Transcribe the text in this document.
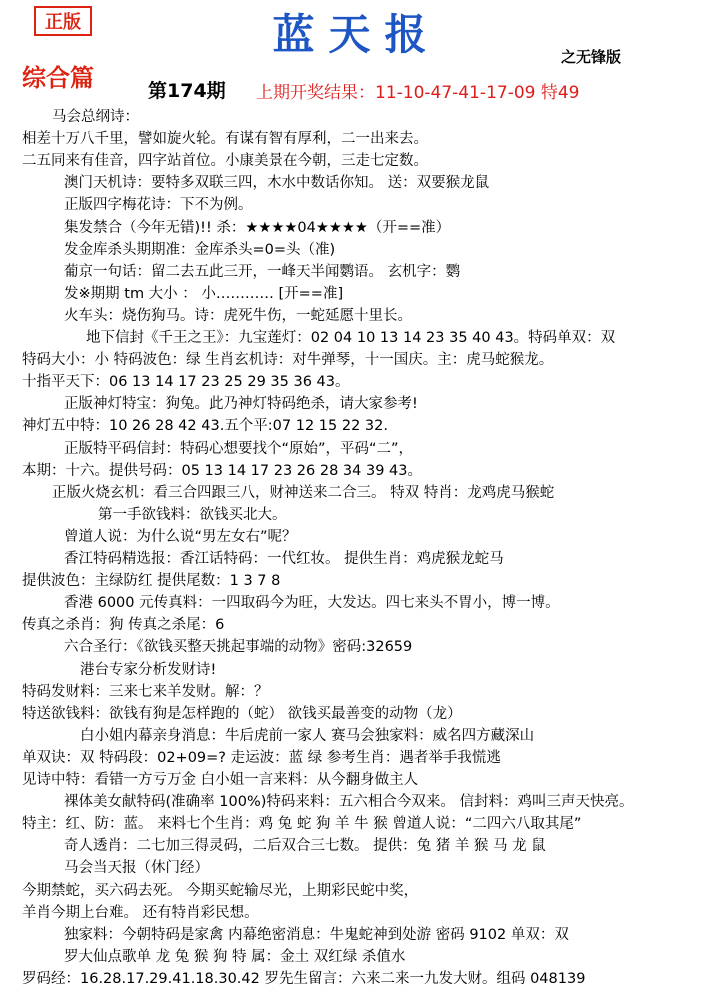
正版	蓝天报	之无锋版
综合篇	第174期 上期开奖结果：11-10-47-41-17-09 特49
马会总纲诗：
相差十万八千里，譬如旋火轮。有谋有智有厚利，二一出来去。
二五同来有佳音，四字站首位。小康美景在今朝，三走七定数。
澳门天机诗：要特多双联三四，木水中数话你知。 送：双要猴龙鼠
正版四字梅花诗：下不为例。
集发禁合（今年无错)!! 杀：★★★★04★★★★（开==准）
发金库杀头期期准：金库杀头=0=头（准)
葡京一句话：留二去五此三开，一峰天半闻鹦语。 玄机字：鹦
发※期期 tm 大小 ： 小………… [开==准]
火车头：烧伤狗马。诗：虎死牛伤，一蛇延愿十里长。
地下信封《千王之王》：九宝莲灯：02 04 10 13 14 23 35 40 43。特码单双：双
特码大小：小 特码波色：绿 生肖玄机诗：对牛弹琴，十一国庆。主：虎马蛇猴龙。
十指平天下：06 13 14 17 23 25 29 35 36 43。
正版神灯特宝：狗兔。此乃神灯特码绝杀，请大家参考!
神灯五中特：10 26 28 42 43.五个平:07 12 15 22 32.
正版特平码信封：特码心想要找个“原始”，平码“二”，
本期：十六。提供号码：05 13 14 17 23 26 28 34 39 43。
正版火烧玄机：看三合四跟三八，财神送来二合三。 特双 特肖：龙鸡虎马猴蛇
第一手欲钱料：欲钱买北大。
曾道人说：为什么说“男左女右”呢？
香江特码精选报：香江话特码：一代红妆。 提供生肖：鸡虎猴龙蛇马
提供波色：主绿防红 提供尾数：1 3 7 8
香港 6000 元传真料：一四取码今为旺，大发达。四七来头不胃小，博一博。
传真之杀肖：狗 传真之杀尾：6
六合圣行：《欲钱买整天挑起事端的动物》密码:32659
港台专家分析发财诗!
特码发财料：三来七来羊发财。解：？
特送欲钱料：欲钱有狗是怎样跑的（蛇） 欲钱买最善变的动物（龙）
白小姐内幕亲身消息：牛后虎前一家人 赛马会独家料：威名四方藏深山
单双诀：双 特码段：02+09=? 走运波：蓝 绿 参考生肖：遇者举手我慌逃
见诗中特：看错一方亏万金 白小姐一言来料：从今翻身做主人
裸体美女献特码(准确率 100%)特码来料：五六相合今双来。 信封料：鸡叫三声天快亮。
特主：红、防：蓝。 来料七个生肖：鸡 兔 蛇 狗 羊 牛 猴 曾道人说：“二四六八取其尾”
奇人透肖：二七加三得灵码，二后双合三七数。 提供：兔 猪 羊 猴 马 龙 鼠
马会当天报（休门经）
今期禁蛇，买六码去死。 今期买蛇输尽光，上期彩民蛇中奖，
羊肖今期上台难。 还有特肖彩民想。
独家料：今朝特码是家禽 内幕绝密消息：牛鬼蛇神到处游 密码 9102 单双：双
罗大仙点歌单 龙 兔 猴 狗 特 属：金土 双红绿 杀值水
罗码经：16.28.17.29.41.18.30.42 罗先生留言：六来二来一九发大财。组码 048139
